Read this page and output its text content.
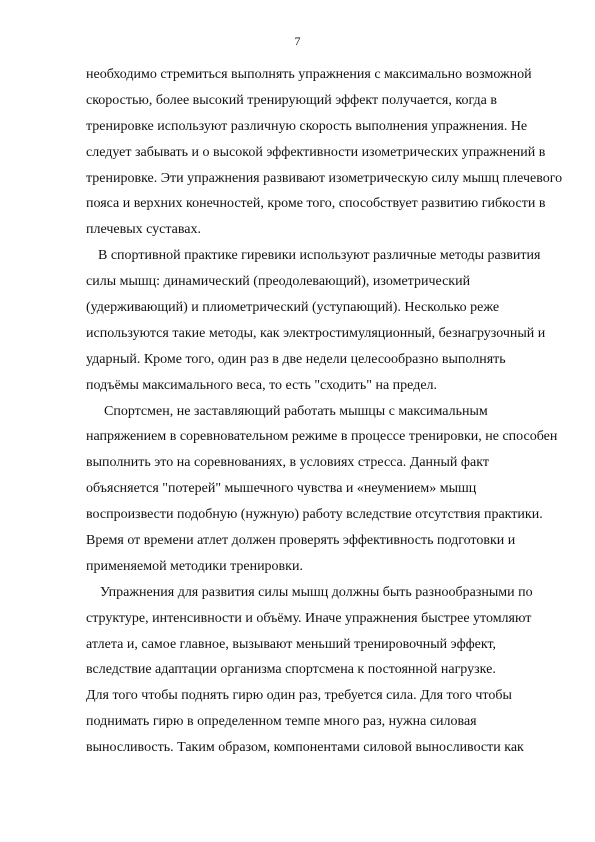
7
необходимо стремиться выполнять упражнения с максимально возможной
скоростью, более высокий тренирующий эффект получается, когда в
тренировке используют различную скорость выполнения упражнения. Не
следует забывать и о высокой эффективности изометрических упражнений в
тренировке. Эти упражнения развивают изометрическую силу мышц плечевого
пояса и верхних конечностей, кроме того, способствует развитию гибкости в
плечевых суставах.
В спортивной практике гиревики используют различные методы развития
силы мышц: динамический (преодолевающий), изометрический
(удерживающий) и плиометрический (уступающий). Несколько реже
используются такие методы, как электростимуляционный, безнагрузочный и
ударный. Кроме того, один раз в две недели целесообразно выполнять
подъёмы максимального веса, то есть "сходить" на предел.
Спортсмен, не заставляющий работать мышцы с максимальным
напряжением в соревновательном режиме в процессе тренировки, не способен
выполнить это на соревнованиях, в условиях стресса. Данный факт
объясняется "потерей" мышечного чувства и «неумением» мышц
воспроизвести подобную (нужную) работу вследствие отсутствия практики.
Время от времени атлет должен проверять эффективность подготовки и
применяемой методики тренировки.
Упражнения для развития силы мышц должны быть разнообразными по
структуре, интенсивности и объёму. Иначе упражнения быстрее утомляют
атлета и, самое главное, вызывают меньший тренировочный эффект,
вследствие адаптации организма спортсмена к постоянной нагрузке.
Для того чтобы поднять гирю один раз, требуется сила. Для того чтобы
поднимать гирю в определенном темпе много раз, нужна силовая
выносливость. Таким образом, компонентами силовой выносливости как
